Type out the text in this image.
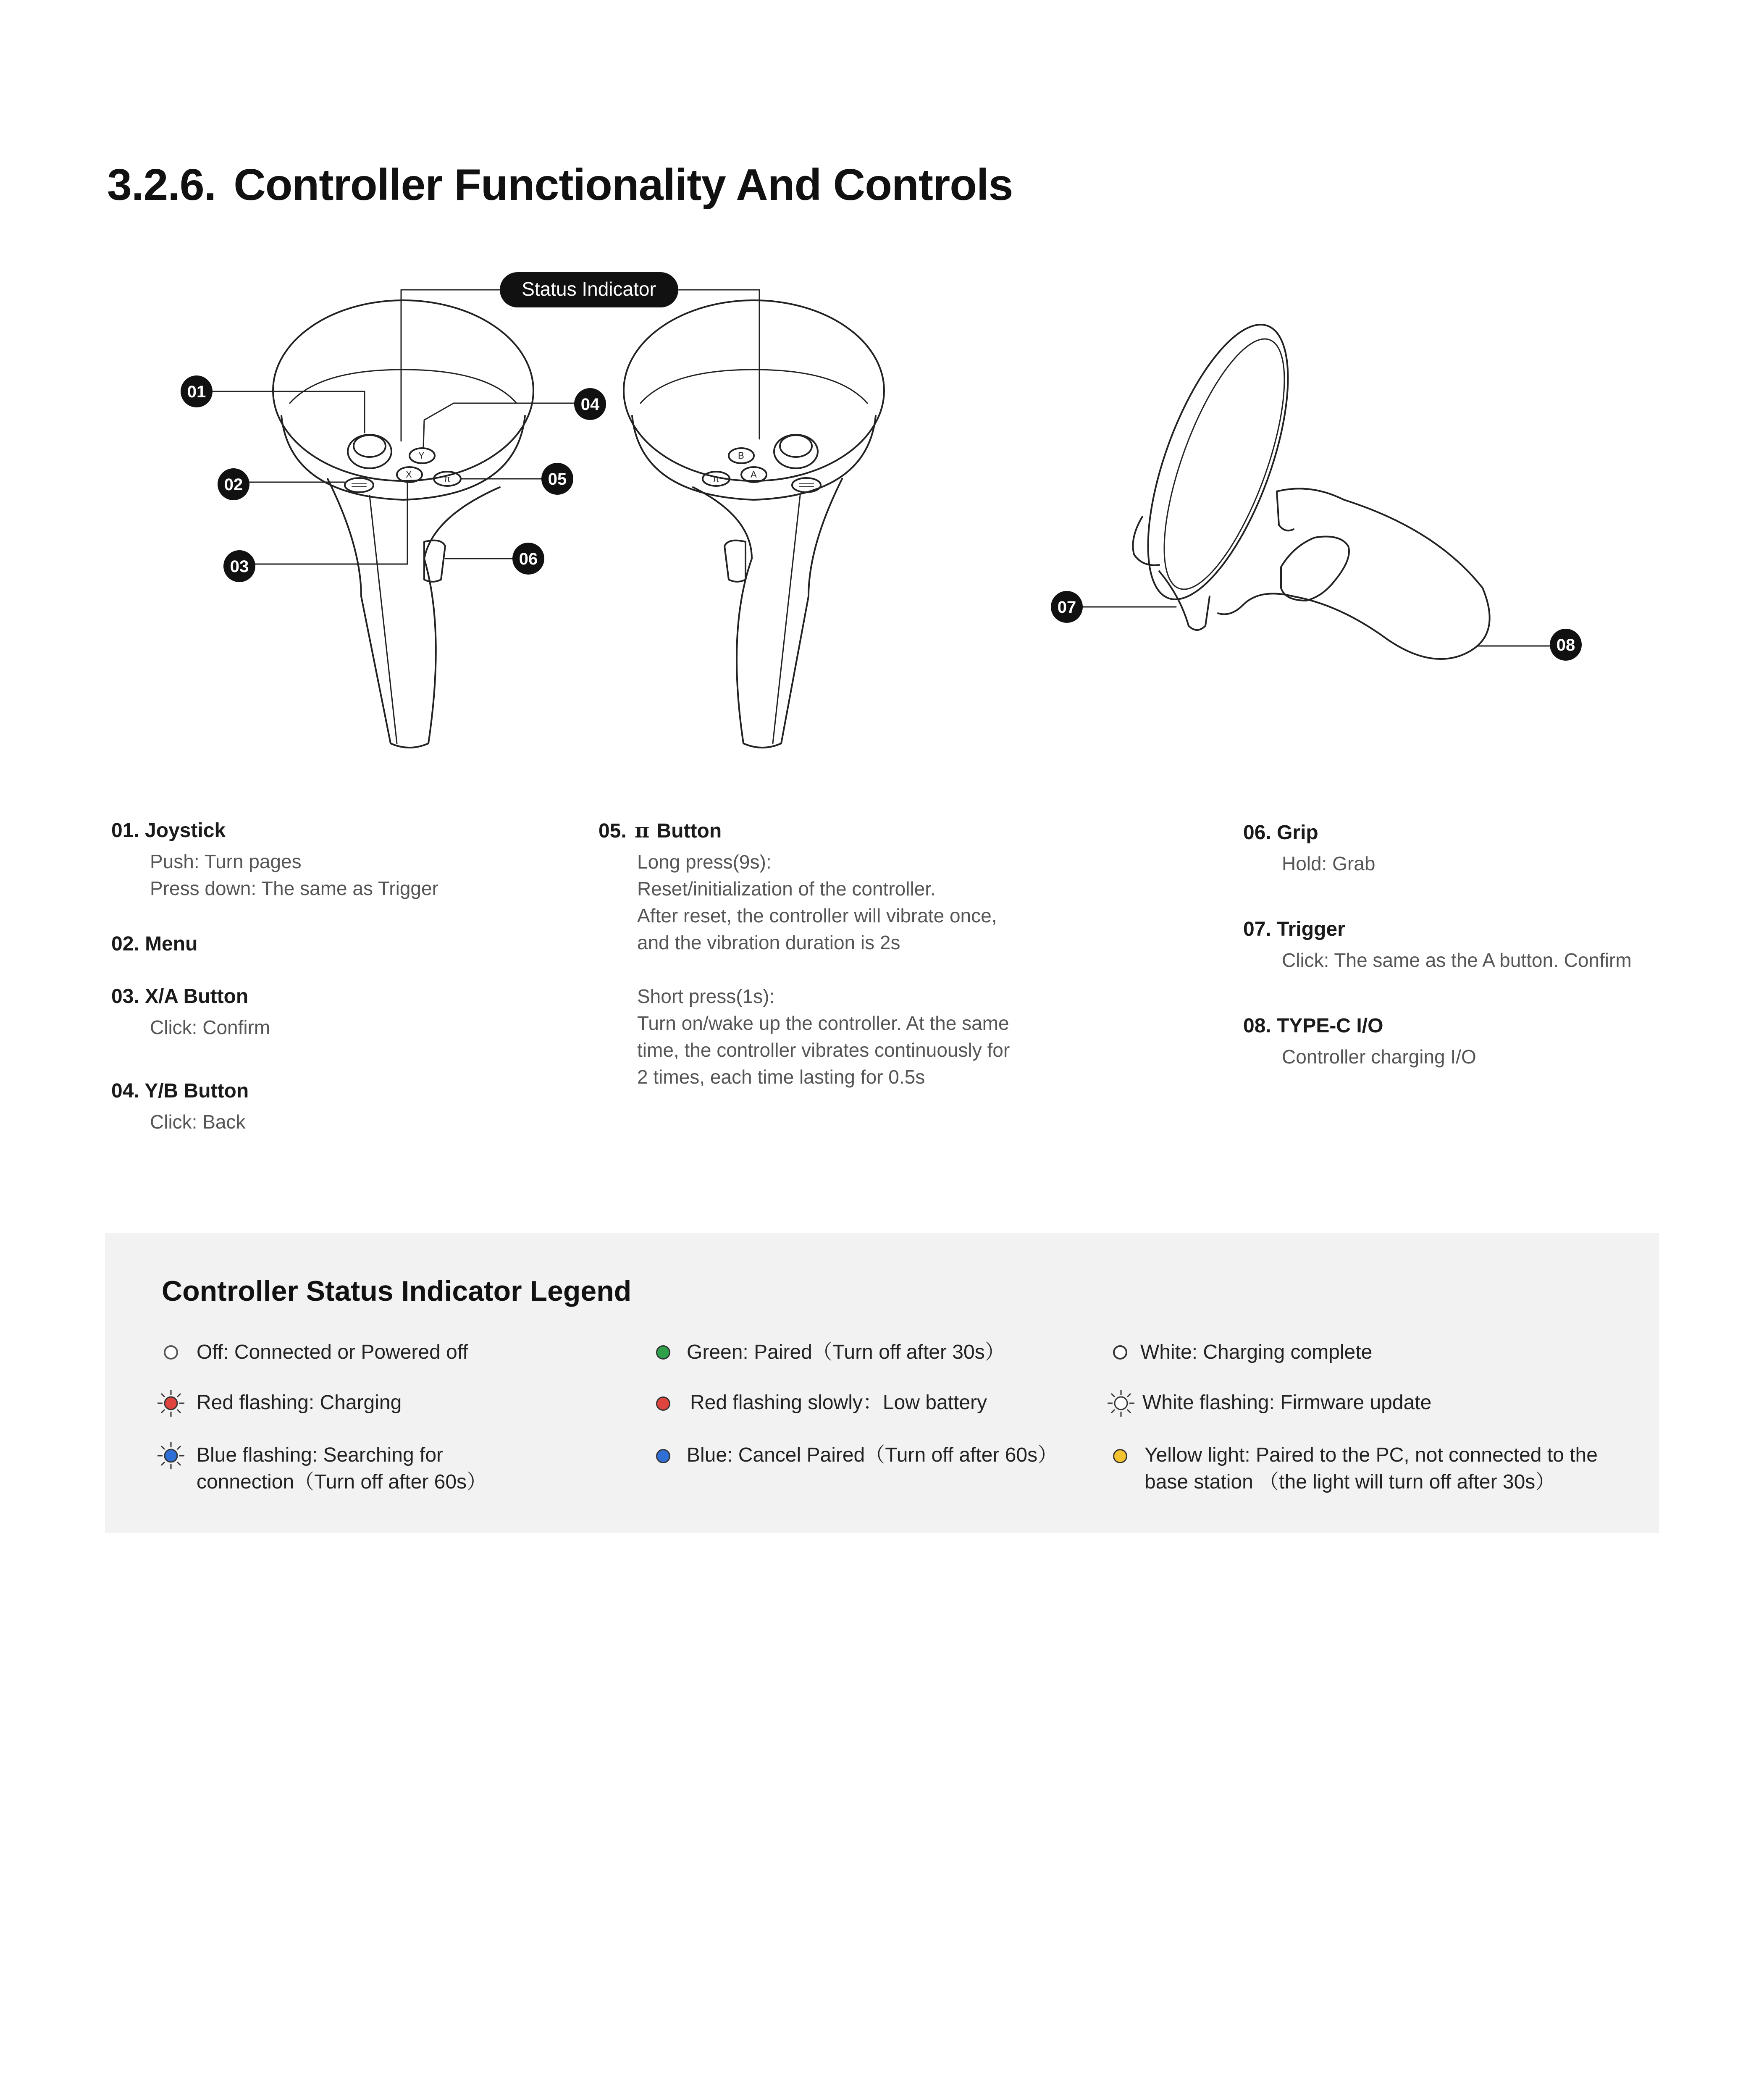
3.2.6. Controller Functionality And Controls
Y
X	π
B
A
π
Status Indicator
01
02
03
04
05
06
07
08
01. Joystick
Push: Turn pages
Press down: The same as Trigger
02. Menu
03. X/A Button
Click: Confirm
04. Y/B Button
Click: Back
05. π Button
Long press(9s):
Reset/initialization of the controller.
After reset, the controller will vibrate once,
and the vibration duration is 2s
Short press(1s):
Turn on/wake up the controller. At the same
time, the controller vibrates continuously for
2 times, each time lasting for 0.5s
06. Grip
Hold: Grab
07. Trigger
Click: The same as the A button. Confirm
08. TYPE-C I/O
Controller charging I/O
Controller Status Indicator Legend
Off: Connected or Powered off
Red flashing: Charging
Blue flashing: Searching for
connection（Turn off after 60s）
Green: Paired（Turn off after 30s）
Red flashing slowly：Low battery
Blue: Cancel Paired（Turn off after 60s）
White: Charging complete
White flashing: Firmware update
Yellow light: Paired to the PC, not connected to the
base station （the light will turn off after 30s）
